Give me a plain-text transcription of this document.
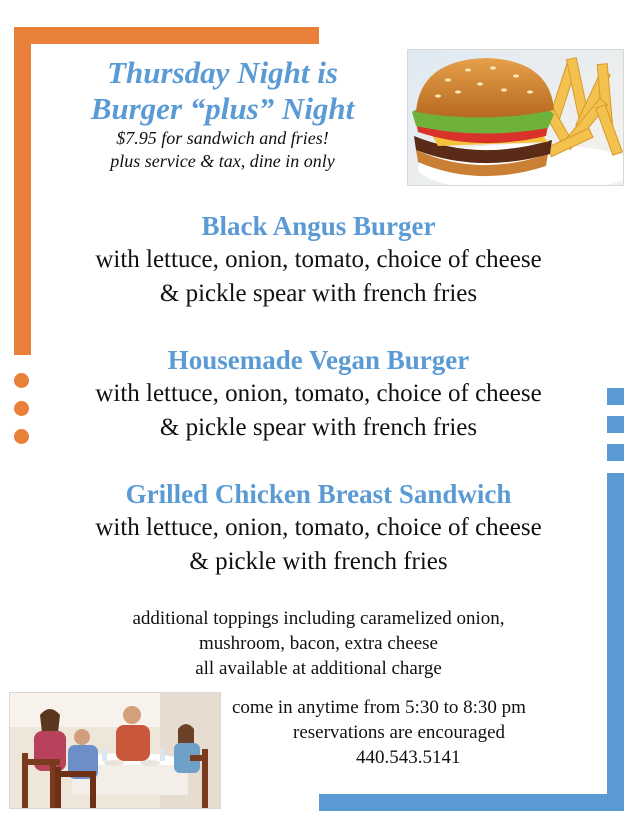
Thursday Night is

Burger “plus” Night

$7.95 for sandwich and fries!

plus service & tax, dine in only

Black Angus Burger

with lettuce, onion, tomato, choice of cheese

& pickle spear with french fries

Housemade Vegan Burger

with lettuce, onion, tomato, choice of cheese

& pickle spear with french fries

Grilled Chicken Breast Sandwich

with lettuce, onion, tomato, choice of cheese

& pickle with french fries

additional toppings including caramelized onion,

mushroom, bacon, extra cheese

all available at additional charge

come in anytime from 5:30 to 8:30 pm

reservations are encouraged

440.543.5141
